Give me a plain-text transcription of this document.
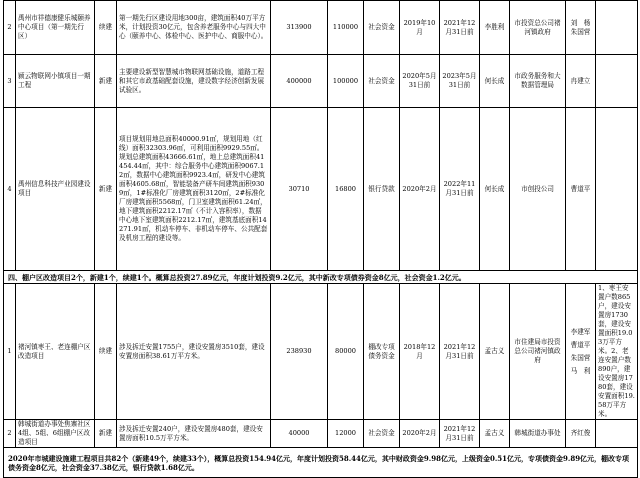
2	禹州市祥德康健乐城颐养中心项目（第一期先行区）	续建	第一期先行区建设用地300亩，建筑面积40万平方米，计划投资30亿元，包含养老服务中心与四大中心（颐养中心、体检中心、医护中心、商服中心）。	313900	110000	社会资金	2019年10月	2021年12月31日前	李胜利	市投资总公司褚河镇政府	刘　杨朱国营	
3	颍云物联网小镇项目一期工程	新建	主要建设新型智慧城市物联网基础设施，道路工程和其它市政基础配套设施，建设数字经济创新发展试验区。	400000	100000	社会资金	2020年5月31日前	2023年5月31日前	何长成	市政务服务和大数据管理局	冉建立	
4	禹州信息科技产业园建设项目	新建	项目规划用地总面积40000.91㎡，规划用地（红线）面积32303.96㎡，可利用面积9929.55㎡。规划总建筑面积43666.61㎡，地上总建筑面积41454.44㎡，其中：综合服务中心建筑面积9067.12㎡，数据中心建筑面积9923.4㎡，研发中心建筑面积4605.68㎡，智能装备产研车间建筑面积9309㎡，1#标准化厂房建筑面积3120㎡，2#标准化厂房建筑面积5568㎡，门卫室建筑面积61.24㎡，地下建筑面积2212.17㎡（不计入容积率），数据中心地下室建筑面积2212.17㎡，建筑基底面积14271.91㎡，机动车停车、非机动车停车、公共配套及机房工程的建设等。	30710	16800	银行贷款	2020年2月	2022年11月31日前	何长成	市创投公司	曹道平	
四、棚户区改造项目2个，新建1个，续建1个。概算总投资27.89亿元，年度计划投资9.2亿元，其中新改专项债券资金8亿元，社会资金1.2亿元。												
1	褚河镇枣王、老连棚户区改造项目	续建	涉及拆迁安置1755户，建设安置房3510套，建设安置房面积38.61万平方米。	238930	80000	棚改专项债务资金	2018年12月	2021年12月31日前	孟古义	市住建局市投资总公司褚河镇政府	李建军曹道平朱国营马　利	1、枣王安置户数865户，建设安置房1730套，建设安置面积19.03万平方米。2、老连安置户数890户，建设安置房1780套，建设安置面积19.58万平方米。
2	韩城街道办事处焦寨社区4组、5组、6组棚户区改造项目	新建	涉及拆迁安置240户，建设安置房480套，建设安置房面积10.5万平方米。	40000	12000	社会资金	2020年2月	2021年12月31日前	孟古义	韩城街道办事处	齐红俊	
2020年市城建设施建工程项目共82个（新建49个，续建33个），概算总投资154.94亿元，年度计划投资58.44亿元，其中财政资金9.98亿元，上级资金0.51亿元，专项债资金9.89亿元，棚改专项债务资金8亿元，社会资金37.38亿元，银行贷款1.68亿元。												
